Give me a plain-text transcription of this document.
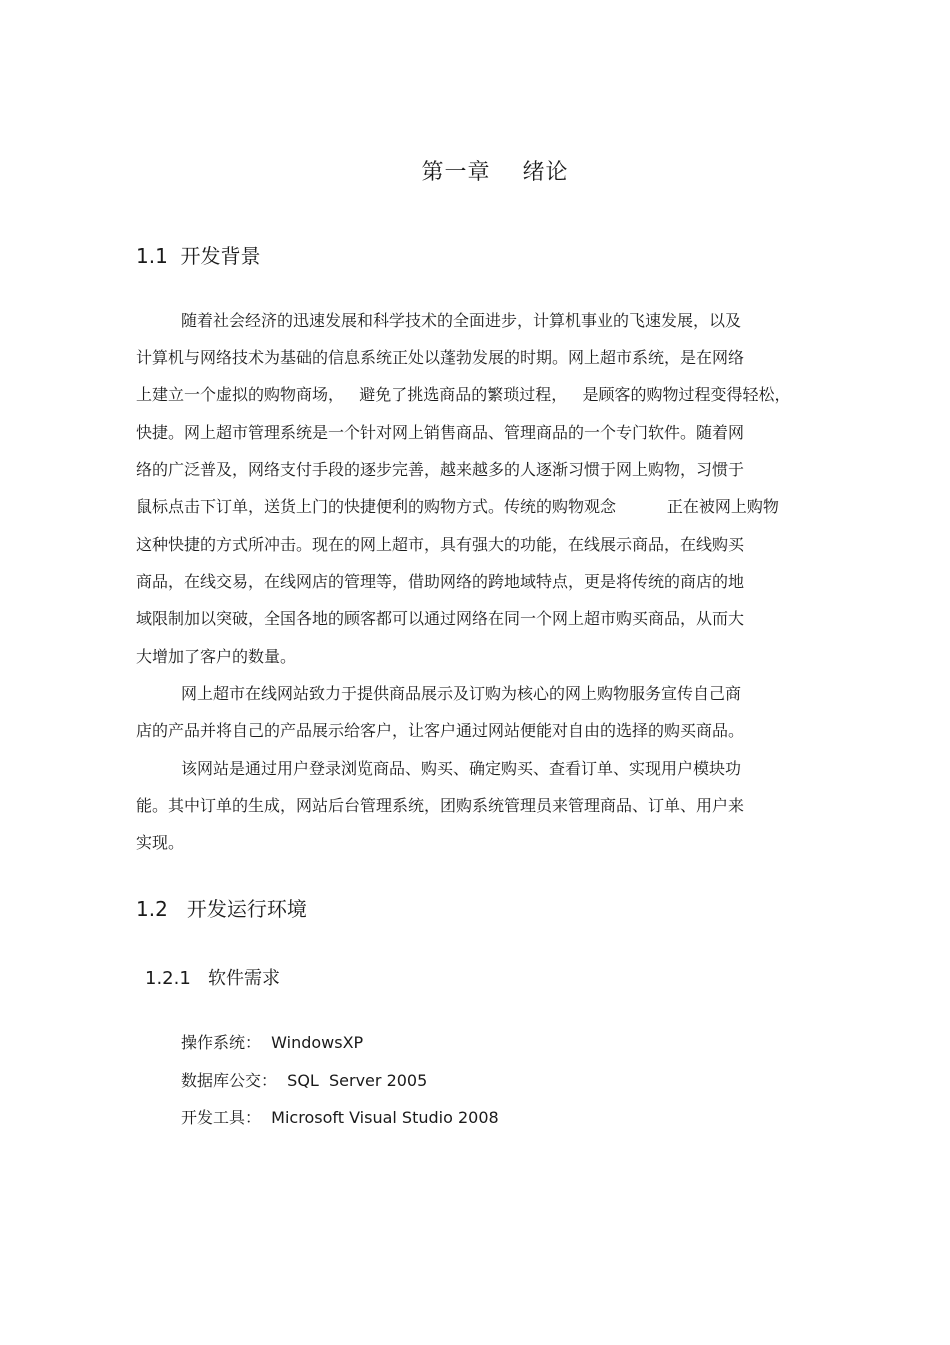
第一章    绪论
1.1  开发背景
随着社会经济的迅速发展和科学技术的全面进步，计算机事业的飞速发展，以及
计算机与网络技术为基础的信息系统正处以蓬勃发展的时期。网上超市系统，是在网络
上建立一个虚拟的购物商场，   避免了挑选商品的繁琐过程，   是顾客的购物过程变得轻松，
快捷。网上超市管理系统是一个针对网上销售商品、管理商品的一个专门软件。随着网
络的广泛普及，网络支付手段的逐步完善，越来越多的人逐渐习惯于网上购物，习惯于
鼠标点击下订单，送货上门的快捷便利的购物方式。传统的购物观念          正在被网上购物
这种快捷的方式所冲击。现在的网上超市，具有强大的功能，在线展示商品，在线购买
商品，在线交易，在线网店的管理等，借助网络的跨地域特点，更是将传统的商店的地
域限制加以突破，全国各地的顾客都可以通过网络在同一个网上超市购买商品，从而大
大增加了客户的数量。
网上超市在线网站致力于提供商品展示及订购为核心的网上购物服务宣传自己商
店的产品并将自己的产品展示给客户，让客户通过网站便能对自由的选择的购买商品。
该网站是通过用户登录浏览商品、购买、确定购买、查看订单、实现用户模块功
能。其中订单的生成，网站后台管理系统，团购系统管理员来管理商品、订单、用户来
实现。
1.2   开发运行环境
1.2.1   软件需求
操作系统：  WindowsXP
数据库公交：  SQL  Server 2005
开发工具：  Microsoft Visual Studio 2008
